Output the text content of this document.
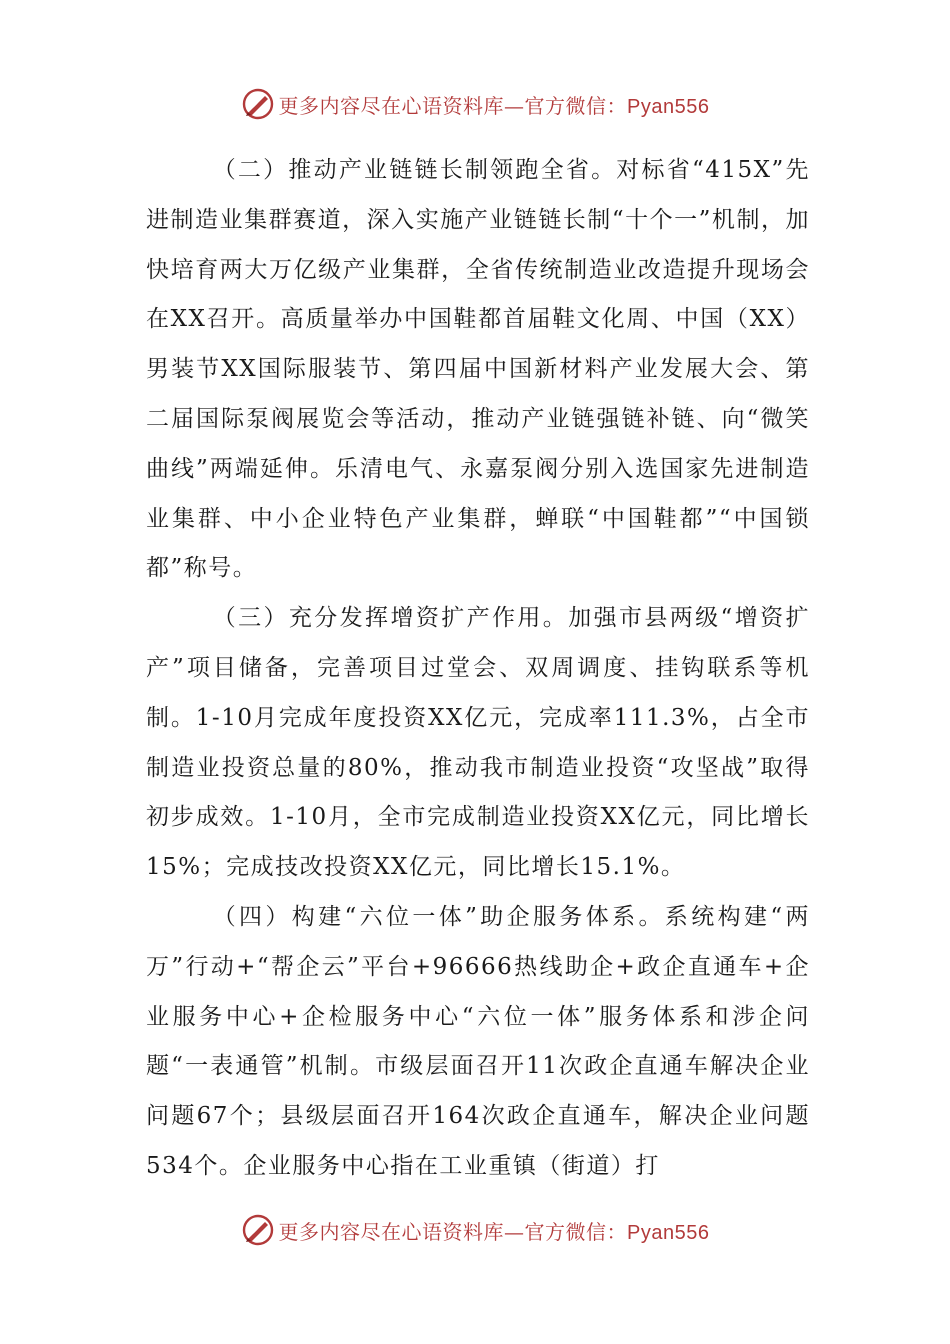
更多内容尽在心语资料库—官方微信：Pyan556

（二）推动产业链链长制领跑全省。对标省“415X”先进制造业集群赛道，深入实施产业链链长制“十个一”机制，加快培育两大万亿级产业集群，全省传统制造业改造提升现场会在XX召开。高质量举办中国鞋都首届鞋文化周、中国（XX）男装节XX国际服装节、第四届中国新材料产业发展大会、第二届国际泵阀展览会等活动，推动产业链强链补链、向“微笑曲线”两端延伸。乐清电气、永嘉泵阀分别入选国家先进制造业集群、中小企业特色产业集群，蝉联“中国鞋都”“中国锁都”称号。

（三）充分发挥增资扩产作用。加强市县两级“增资扩产”项目储备，完善项目过堂会、双周调度、挂钩联系等机制。1-10月完成年度投资XX亿元，完成率111.3%，占全市制造业投资总量的80%，推动我市制造业投资“攻坚战”取得初步成效。1-10月，全市完成制造业投资XX亿元，同比增长15%；完成技改投资XX亿元，同比增长15.1%。

（四）构建“六位一体”助企服务体系。系统构建“两万”行动+“帮企云”平台+96666热线助企+政企直通车+企业服务中心+企检服务中心“六位一体”服务体系和涉企问题“一表通管”机制。市级层面召开11次政企直通车解决企业问题67个；县级层面召开164次政企直通车，解决企业问题534个。企业服务中心指在工业重镇（街道）打

更多内容尽在心语资料库—官方微信：Pyan556
